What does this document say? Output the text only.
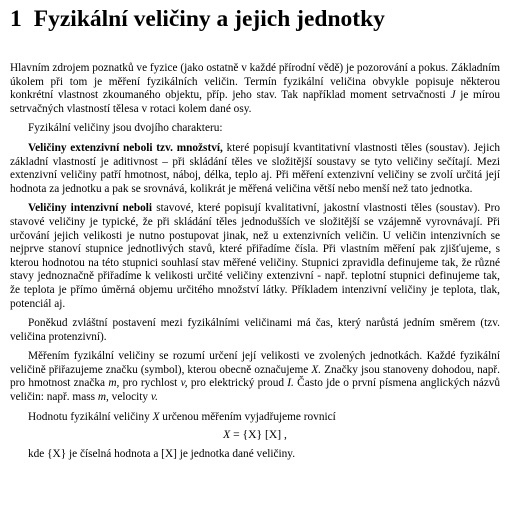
1 Fyzikální veličiny a jejich jednotky

Hlavním zdrojem poznatků ve fyzice (jako ostatně v každé přírodní vědě) je pozorování a pokus. Základním úkolem při tom je měření fyzikálních veličin. Termín fyzikální veličina obvykle popisuje některou konkrétní vlastnost zkoumaného objektu, příp. jeho stav. Tak například moment setrvačnosti J je mírou setrvačných vlastností tělesa v rotaci kolem dané osy.

Fyzikální veličiny jsou dvojího charakteru:

Veličiny extenzivní neboli tzv. množství, které popisují kvantitativní vlastnosti těles (soustav). Jejich základní vlastností je aditivnost – při skládání těles ve složitější soustavy se tyto veličiny sečítají. Mezi extenzivní veličiny patří hmotnost, náboj, délka, teplo aj. Při měření extenzivní veličiny se zvolí určitá její hodnota za jednotku a pak se srovnává, kolikrát je měřená veličina větší nebo menší než tato jednotka.

Veličiny intenzivní neboli stavové, které popisují kvalitativní, jakostní vlastnosti těles (soustav). Pro stavové veličiny je typické, že při skládání těles jednodušších ve složitější se vzájemně vyrovnávají. Při určování jejich velikosti je nutno postupovat jinak, než u extenzivních veličin. U veličin intenzivních se nejprve stanoví stupnice jednotlivých stavů, které přiřadíme čísla. Při vlastním měření pak zjišťujeme, s kterou hodnotou na této stupnici souhlasí stav měřené veličiny. Stupnici zpravidla definujeme tak, že různé stavy jednoznačně přiřadíme k velikosti určité veličiny extenzivní - např. teplotní stupnici definujeme tak, že teplota je přímo úměrná objemu určitého množství látky. Příkladem intenzivní veličiny je teplota, tlak, potenciál aj.

Poněkud zvláštní postavení mezi fyzikálními veličinami má čas, který narůstá jedním směrem (tzv. veličina protenzivní).

Měřením fyzikální veličiny se rozumí určení její velikosti ve zvolených jednotkách. Každé fyzikální veličině přiřazujeme značku (symbol), kterou obecně označujeme X. Značky jsou stanoveny dohodou, např. pro hmotnost značka m, pro rychlost v, pro elektrický proud I. Často jde o první písmena anglických názvů veličin: např. mass m, velocity v.

Hodnotu fyzikální veličiny X určenou měřením vyjadřujeme rovnicí

X = {X} [X] ,
kde {X} je číselná hodnota a [X] je jednotka dané veličiny.
